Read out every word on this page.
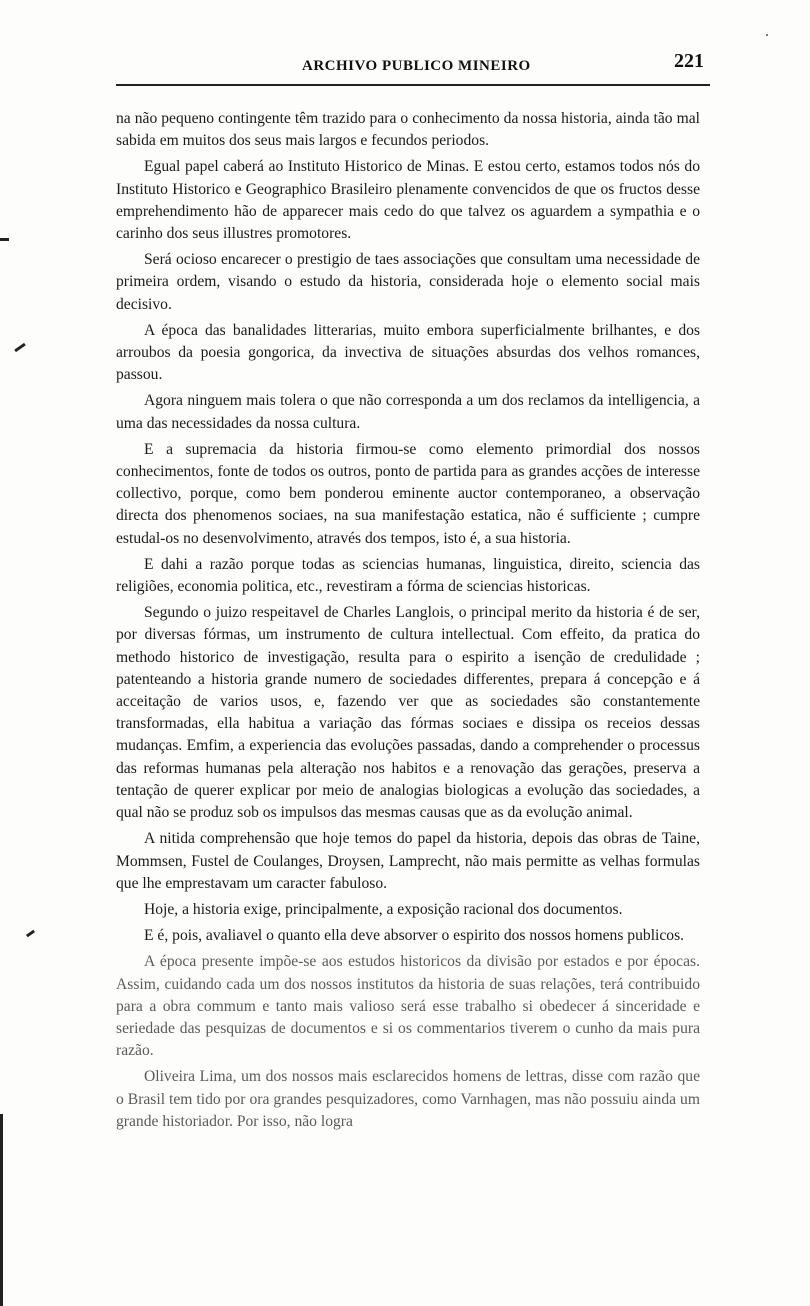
ARCHIVO PUBLICO MINEIRO	221

na não pequeno contingente têm trazido para o conhecimento da nossa historia, ainda tão mal sabida em muitos dos seus mais largos e fecundos periodos.

Egual papel caberá ao Instituto Historico de Minas. E estou certo, estamos todos nós do Instituto Historico e Geographico Brasileiro plenamente convencidos de que os fructos desse emprehendimento hão de apparecer mais cedo do que talvez os aguardem a sympathia e o carinho dos seus illustres promotores.

Será ocioso encarecer o prestigio de taes associações que consultam uma necessidade de primeira ordem, visando o estudo da historia, considerada hoje o elemento social mais decisivo.

A época das banalidades litterarias, muito embora superficialmente brilhantes, e dos arroubos da poesia gongorica, da invectiva de situações absurdas dos velhos romances, passou.

Agora ninguem mais tolera o que não corresponda a um dos reclamos da intelligencia, a uma das necessidades da nossa cultura.

E a supremacia da historia firmou-se como elemento primordial dos nossos conhecimentos, fonte de todos os outros, ponto de partida para as grandes acções de interesse collectivo, porque, como bem ponderou eminente auctor contemporaneo, a observação directa dos phenomenos sociaes, na sua manifestação estatica, não é sufficiente ; cumpre estudal-os no desenvolvimento, através dos tempos, isto é, a sua historia.

E dahi a razão porque todas as sciencias humanas, linguistica, direito, sciencia das religiões, economia politica, etc., revestiram a fórma de sciencias historicas.

Segundo o juizo respeitavel de Charles Langlois, o principal merito da historia é de ser, por diversas fórmas, um instrumento de cultura intellectual. Com effeito, da pratica do methodo historico de investigação, resulta para o espirito a isenção de credulidade ; patenteando a historia grande numero de sociedades differentes, prepara á concepção e á acceitação de varios usos, e, fazendo ver que as sociedades são constantemente transformadas, ella habitua a variação das fórmas sociaes e dissipa os receios dessas mudanças. Emfim, a experiencia das evoluções passadas, dando a comprehender o processus das reformas humanas pela alteração nos habitos e a renovação das gerações, preserva a tentação de querer explicar por meio de analogias biologicas a evolução das sociedades, a qual não se produz sob os impulsos das mesmas causas que as da evolução animal.

A nitida comprehensão que hoje temos do papel da historia, depois das obras de Taine, Mommsen, Fustel de Coulanges, Droysen, Lamprecht, não mais permitte as velhas formulas que lhe emprestavam um caracter fabuloso.

Hoje, a historia exige, principalmente, a exposição racional dos documentos.

E é, pois, avaliavel o quanto ella deve absorver o espirito dos nossos homens publicos.

A época presente impõe-se aos estudos historicos da divisão por estados e por épocas. Assim, cuidando cada um dos nossos institutos da historia de suas relações, terá contribuido para a obra commum e tanto mais valioso será esse trabalho si obedecer á sinceridade e seriedade das pesquizas de documentos e si os commentarios tiverem o cunho da mais pura razão.

Oliveira Lima, um dos nossos mais esclarecidos homens de lettras, disse com razão que o Brasil tem tido por ora grandes pesquizadores, como Varnhagen, mas não possuiu ainda um grande historiador. Por isso, não logra
